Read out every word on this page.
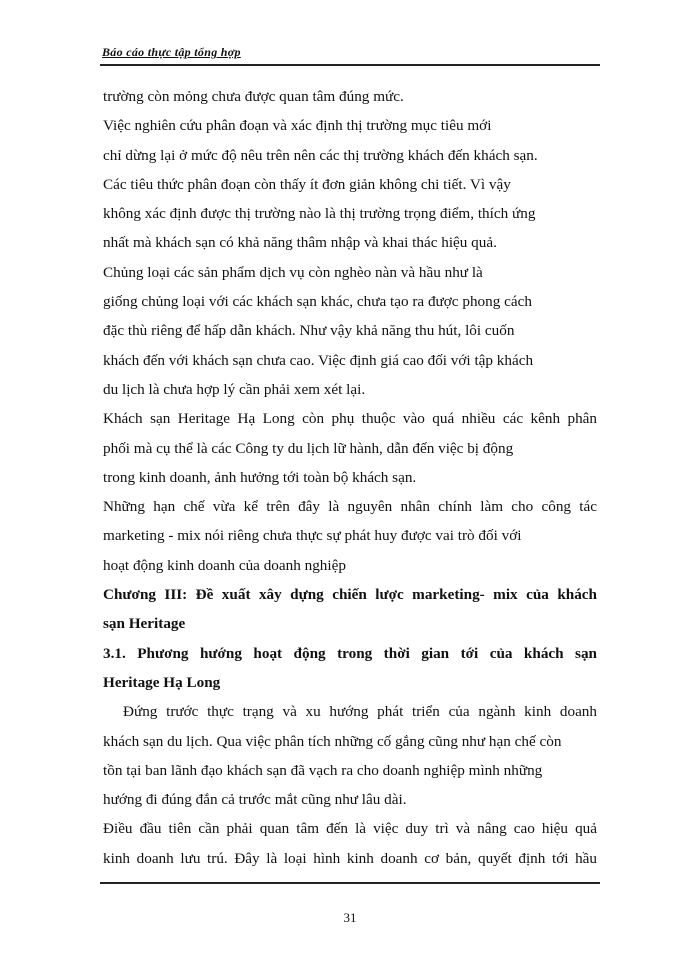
Báo cáo thực tập tổng hợp
trường còn mỏng chưa được quan tâm đúng mức.
Việc nghiên cứu phân đoạn và xác định thị trường mục tiêu mới
chỉ dừng lại ở mức độ nêu trên nên các thị trường khách đến khách sạn.
Các tiêu thức phân đoạn còn thấy ít đơn giản không chi tiết. Vì vậy
không xác định được thị trường nào là thị trường trọng điểm, thích ứng
nhất mà khách sạn có khả năng thâm nhập và khai thác hiệu quả.
Chủng loại các sản phẩm dịch vụ còn nghèo nàn và hầu như là
giống chủng loại với các khách sạn khác, chưa tạo ra được phong cách
đặc thù riêng để hấp dẫn khách. Như vậy khả năng thu hút, lôi cuốn
khách đến với khách sạn chưa cao. Việc định giá cao đối với tập khách
du lịch là chưa hợp lý cần phải xem xét lại.
Khách sạn Heritage Hạ Long còn phụ thuộc vào quá nhiều các kênh phân
phối mà cụ thể là các Công ty du lịch lữ hành, dẫn đến việc bị động
trong kinh doanh, ảnh hưởng tới toàn bộ khách sạn.
Những hạn chế vừa kể trên đây là nguyên nhân chính làm cho công tác
marketing - mix nói riêng chưa thực sự phát huy được vai trò đối với
hoạt động kinh doanh của doanh nghiệp
Chương III: Đề xuất xây dựng chiến lược marketing- mix của khách
sạn Heritage
3.1. Phương hướng hoạt động trong thời gian tới của khách sạn
Heritage Hạ Long
Đứng trước thực trạng và xu hướng phát triển của ngành kinh doanh
khách sạn du lịch. Qua việc phân tích những cố gắng cũng như hạn chế còn
tồn tại ban lãnh đạo khách sạn đã vạch ra cho doanh nghiệp mình những
hướng đi đúng đắn cả trước mắt cũng như lâu dài.
Điều đầu tiên cần phải quan tâm đến là việc duy trì và nâng cao hiệu quả
kinh doanh lưu trú. Đây là loại hình kinh doanh cơ bản, quyết định tới hầu
31
